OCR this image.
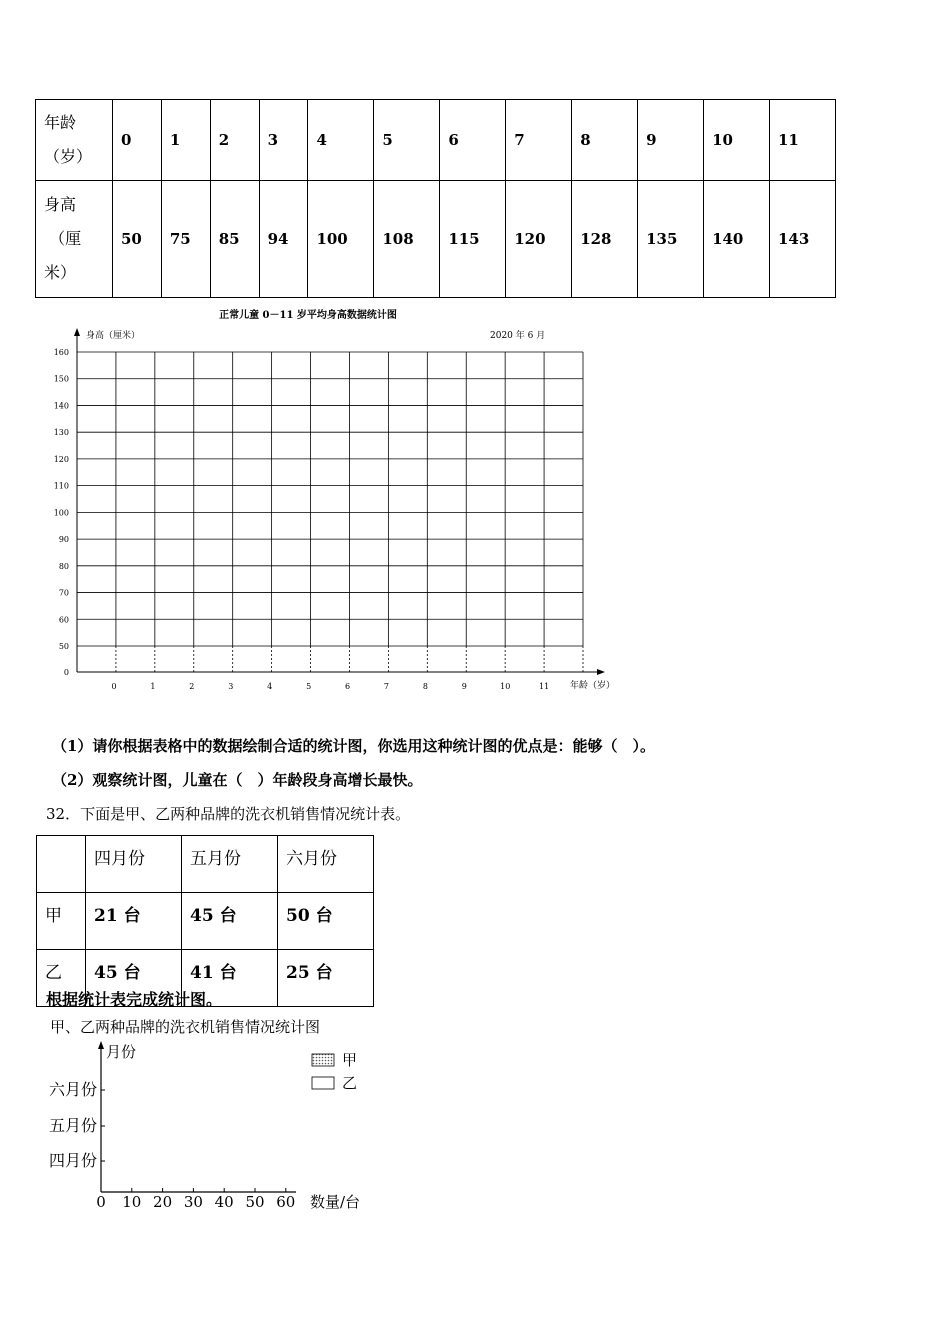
年龄
（岁）	0	1	2	3	4	5	6	7	8	9	10	11
身高
（厘
米）	50	75	85	94	100	108	115	120	128	135	140	143
正常儿童 0－11 岁平均身高数据统计图
2020 年 6 月
身高（厘米）
年龄（岁）
160
150
140
130
120
110
100
90
80
70
60
50
0
0	1	2	3	4	5	6	7	8	9	10	11
（1）请你根据表格中的数据绘制合适的统计图，你选用这种统计图的优点是：能够（　）。
（2）观察统计图，儿童在（　）年龄段身高增长最快。
32．下面是甲、乙两种品牌的洗衣机销售情况统计表。
	四月份	五月份	六月份
甲	21 台	45 台	50 台
乙	45 台	41 台	25 台
根据统计表完成统计图。
甲、乙两种品牌的洗衣机销售情况统计图
月份
六月份
五月份
四月份
0 10 20 30 40 50 60 数量/台
甲
乙
